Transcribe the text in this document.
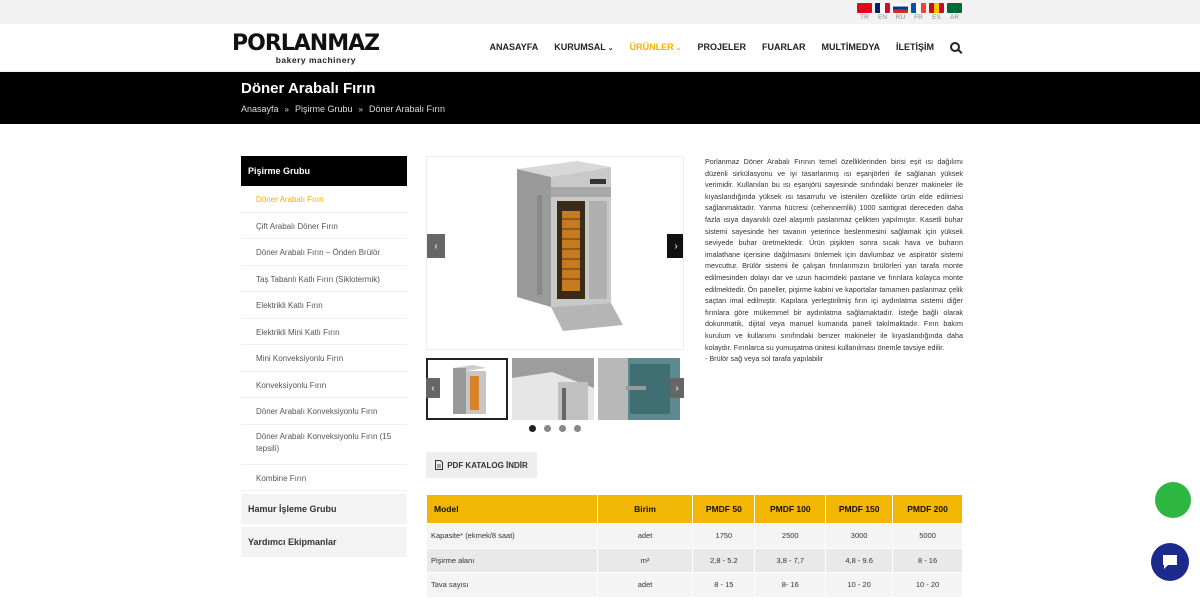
TR EN RU FR ES AR
PORLANMAZ
bakery machinery
ANASAYFA KURUMSAL ⌄ ÜRÜNLER ⌄ PROJELER FUARLAR MULTİMEDYA İLETİŞİM
Döner Arabalı Fırın
Anasayfa » Pişirme Grubu » Döner Arabalı Fırın
Pişirme Grubu
Döner Arabalı Fırın
Çift Arabalı Döner Fırın
Döner Arabalı Fırın – Önden Brülör
Taş Tabanlı Katlı Fırın (Siklotermik)
Elektrikli Katlı Fırın
Elektrikli Mini Katlı Fırın
Mini Konveksiyonlu Fırın
Konveksiyonlu Fırın
Döner Arabalı Konveksiyonlu Fırın
Döner Arabalı Konveksiyonlu Fırın (15 tepsili)
Kombine Fırın
Hamur İşleme Grubu
Yardımcı Ekipmanlar
‹	›
‹	›

Porlanmaz Döner Arabalı Fırının temel özelliklerinden birisi eşit ısı dağılımı düzenli sirkülasyonu ve iyi tasarlanmış ısı eşanjörleri ile sağlanan yüksek verimidir. Kullanılan bu ısı eşanjörü sayesinde sınıfındaki benzer makineler ile kıyaslandığında yüksek ısı tasarrufu ve istenilen özellikte ürün elde edilmesi sağlanmaktadır. Yanma hücresi (cehennemlik) 1000 santigrat dereceden daha fazla ısıya dayanıklı özel alaşımlı paslanmaz çelikten yapılmıştır. Kasetli buhar sistemi sayesinde her tavanın yeterince beslenmesini sağlamak için yüksek seviyede buhar üretmektedir. Ürün pişikten sonra sıcak hava ve buharın imalathane içerisine dağılmasını önlemek için davlumbaz ve aspiratör sistemi mevcuttur. Brülör sistemi ile çalışan fırınlarımızın brülörleri yan tarafa monte edilmesinden dolayı dar ve uzun hacimdeki pastane ve fırınlara kolayca monte edilmektedir. Ön paneller, pişirme kabini ve kaportalar tamamen paslanmaz çelik saçtan imal edilmiştir. Kapılara yerleştirilmiş fırın içi aydınlatma sistemi diğer fırınlara göre mükemmel bir aydınlatma sağlamaktadır. İsteğe bağlı olarak dokunmatik, dijital veya manuel kumanda paneli takılmaktadır. Fırın bakım kurulum ve kullanımı sınıfındaki benzer makineler ile kıyaslandığında daha kolaydır. Fırınlarca su yumuşatma ünitesi kullanılması önemle tavsiye edilir.

- Brülör sağ veya sol tarafa yapılabilir

PDF KATALOG İNDİR
Model	Birim	PMDF 50	PMDF 100	PMDF 150	PMDF 200
Kapasite* (ekmek/8 saat)	adet	1750	2500	3000	5000
Pişirme alanı	m²	2,8 - 5.2	3,8 - 7,7	4,8 - 9.6	8 - 16
Tava sayısı	adet	8 - 15	8- 16	10 - 20	10 - 20
